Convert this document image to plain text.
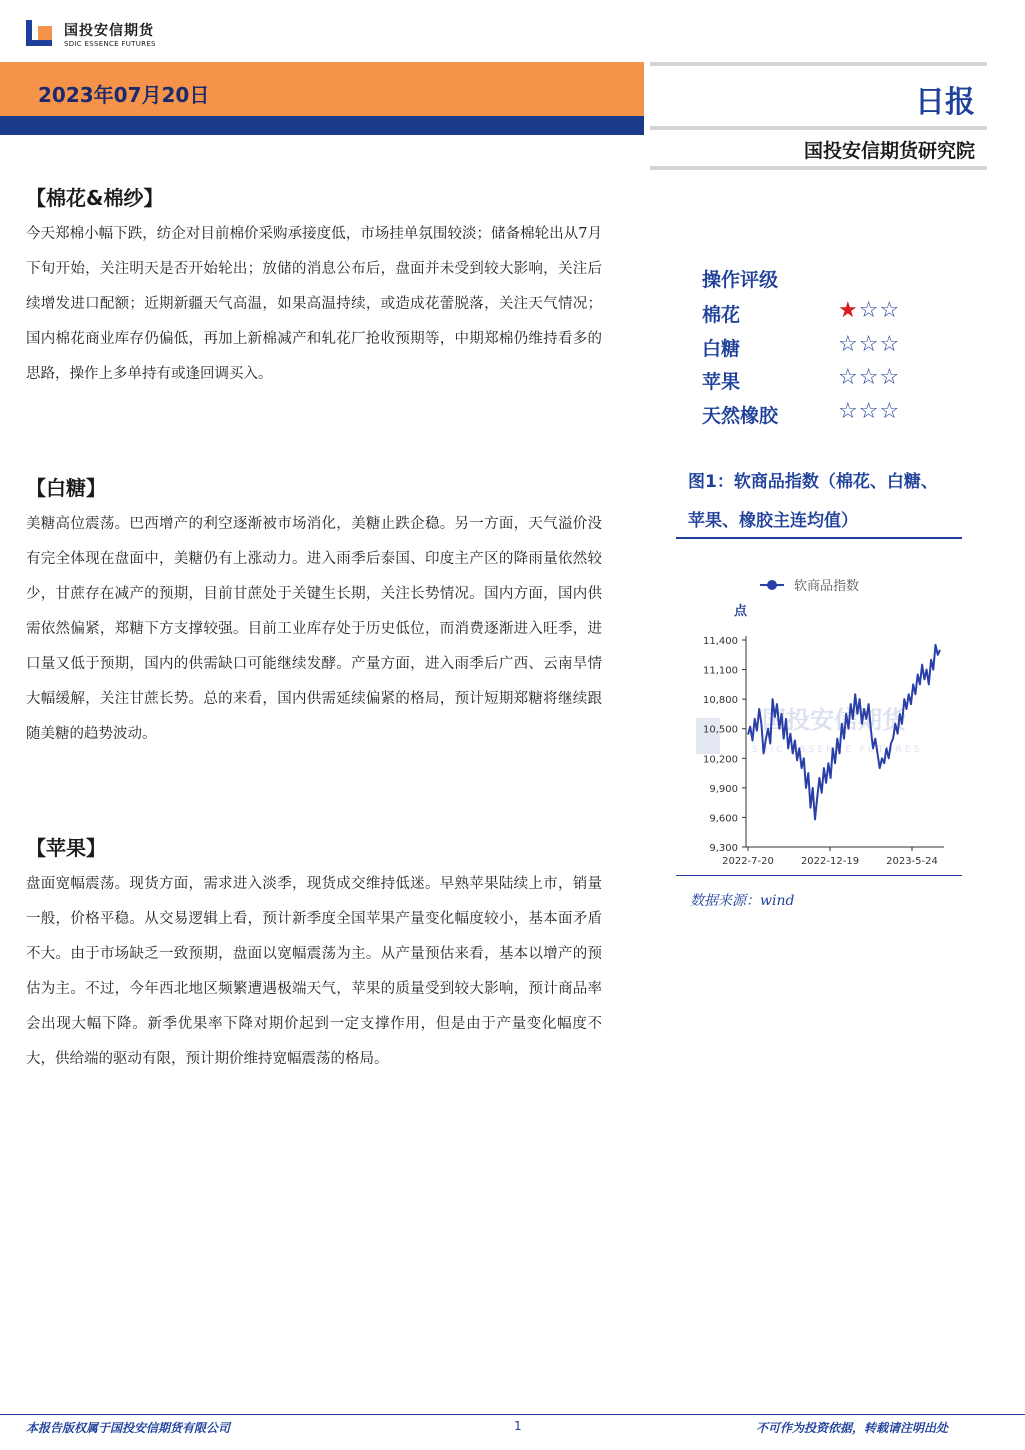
国投安信期货
SDIC ESSENCE FUTURES
2023年07月20日	日报
国投安信期货研究院
【棉花&棉纱】

今天郑棉小幅下跌，纺企对目前棉价采购承接度低，市场挂单氛围较淡；储备棉轮出从7月下旬开始，关注明天是否开始轮出；放储的消息公布后，盘面并未受到较大影响，关注后续增发进口配额；近期新疆天气高温，如果高温持续，或造成花蕾脱落，关注天气情况；国内棉花商业库存仍偏低，再加上新棉减产和轧花厂抢收预期等，中期郑棉仍维持看多的思路，操作上多单持有或逢回调买入。

【白糖】

美糖高位震荡。巴西增产的利空逐渐被市场消化，美糖止跌企稳。另一方面，天气溢价没有完全体现在盘面中，美糖仍有上涨动力。进入雨季后泰国、印度主产区的降雨量依然较少，甘蔗存在减产的预期，目前甘蔗处于关键生长期，关注长势情况。国内方面，国内供需依然偏紧，郑糖下方支撑较强。目前工业库存处于历史低位，而消费逐渐进入旺季，进口量又低于预期，国内的供需缺口可能继续发酵。产量方面，进入雨季后广西、云南旱情大幅缓解，关注甘蔗长势。总的来看，国内供需延续偏紧的格局，预计短期郑糖将继续跟随美糖的趋势波动。

【苹果】

盘面宽幅震荡。现货方面，需求进入淡季，现货成交维持低迷。早熟苹果陆续上市，销量一般，价格平稳。从交易逻辑上看，预计新季度全国苹果产量变化幅度较小，基本面矛盾不大。由于市场缺乏一致预期，盘面以宽幅震荡为主。从产量预估来看，基本以增产的预估为主。不过，今年西北地区频繁遭遇极端天气，苹果的质量受到较大影响，预计商品率会出现大幅下降。新季优果率下降对期价起到一定支撑作用，但是由于产量变化幅度不大，供给端的驱动有限，预计期价维持宽幅震荡的格局。

操作评级
棉花	★☆☆
白糖	☆☆☆
苹果	☆☆☆
天然橡胶	☆☆☆
图1：软商品指数（棉花、白糖、苹果、橡胶主连均值）
软商品指数
点
国投安信期货
SDIC ESSENCE FUTURES
11,400
11,100
10,800
10,500
10,200
9,900
9,600
9,300
2022-7-20	2022-12-19	2023-5-24
数据来源：wind
本报告版权属于国投安信期货有限公司	1	不可作为投资依据，转载请注明出处
